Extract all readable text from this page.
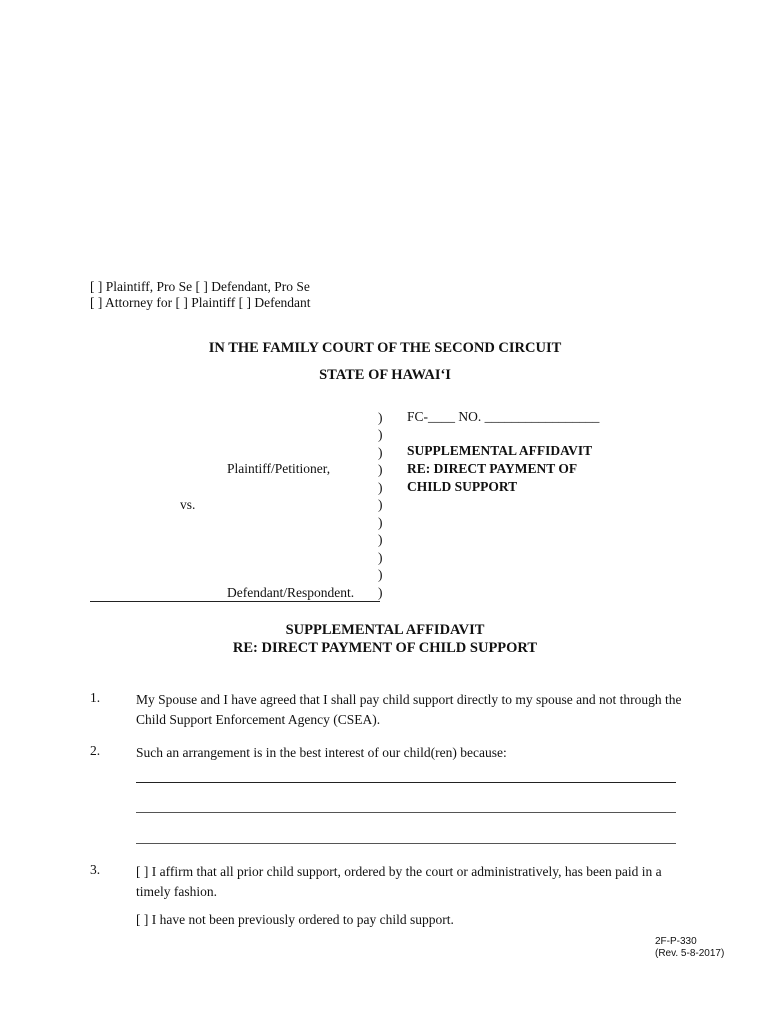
[ ] Plaintiff, Pro Se [ ] Defendant, Pro Se
[ ] Attorney for [ ] Plaintiff [ ] Defendant
IN THE FAMILY COURT OF THE SECOND CIRCUIT
STATE OF HAWAIʻI
)
)
)
)
)
)
)
)
)
)
)
Plaintiff/Petitioner,
vs.
Defendant/Respondent.
FC-____ NO. _________________
SUPPLEMENTAL AFFIDAVIT
RE: DIRECT PAYMENT OF
CHILD SUPPORT
SUPPLEMENTAL AFFIDAVIT
RE: DIRECT PAYMENT OF CHILD SUPPORT
1.	My Spouse and I have agreed that I shall pay child support directly to my spouse and not through the Child Support Enforcement Agency (CSEA).
2.	Such an arrangement is in the best interest of our child(ren) because:
3.	[ ] I affirm that all prior child support, ordered by the court or administratively, has been paid in a timely fashion.
[ ] I have not been previously ordered to pay child support.
2F-P-330
(Rev. 5-8-2017)
